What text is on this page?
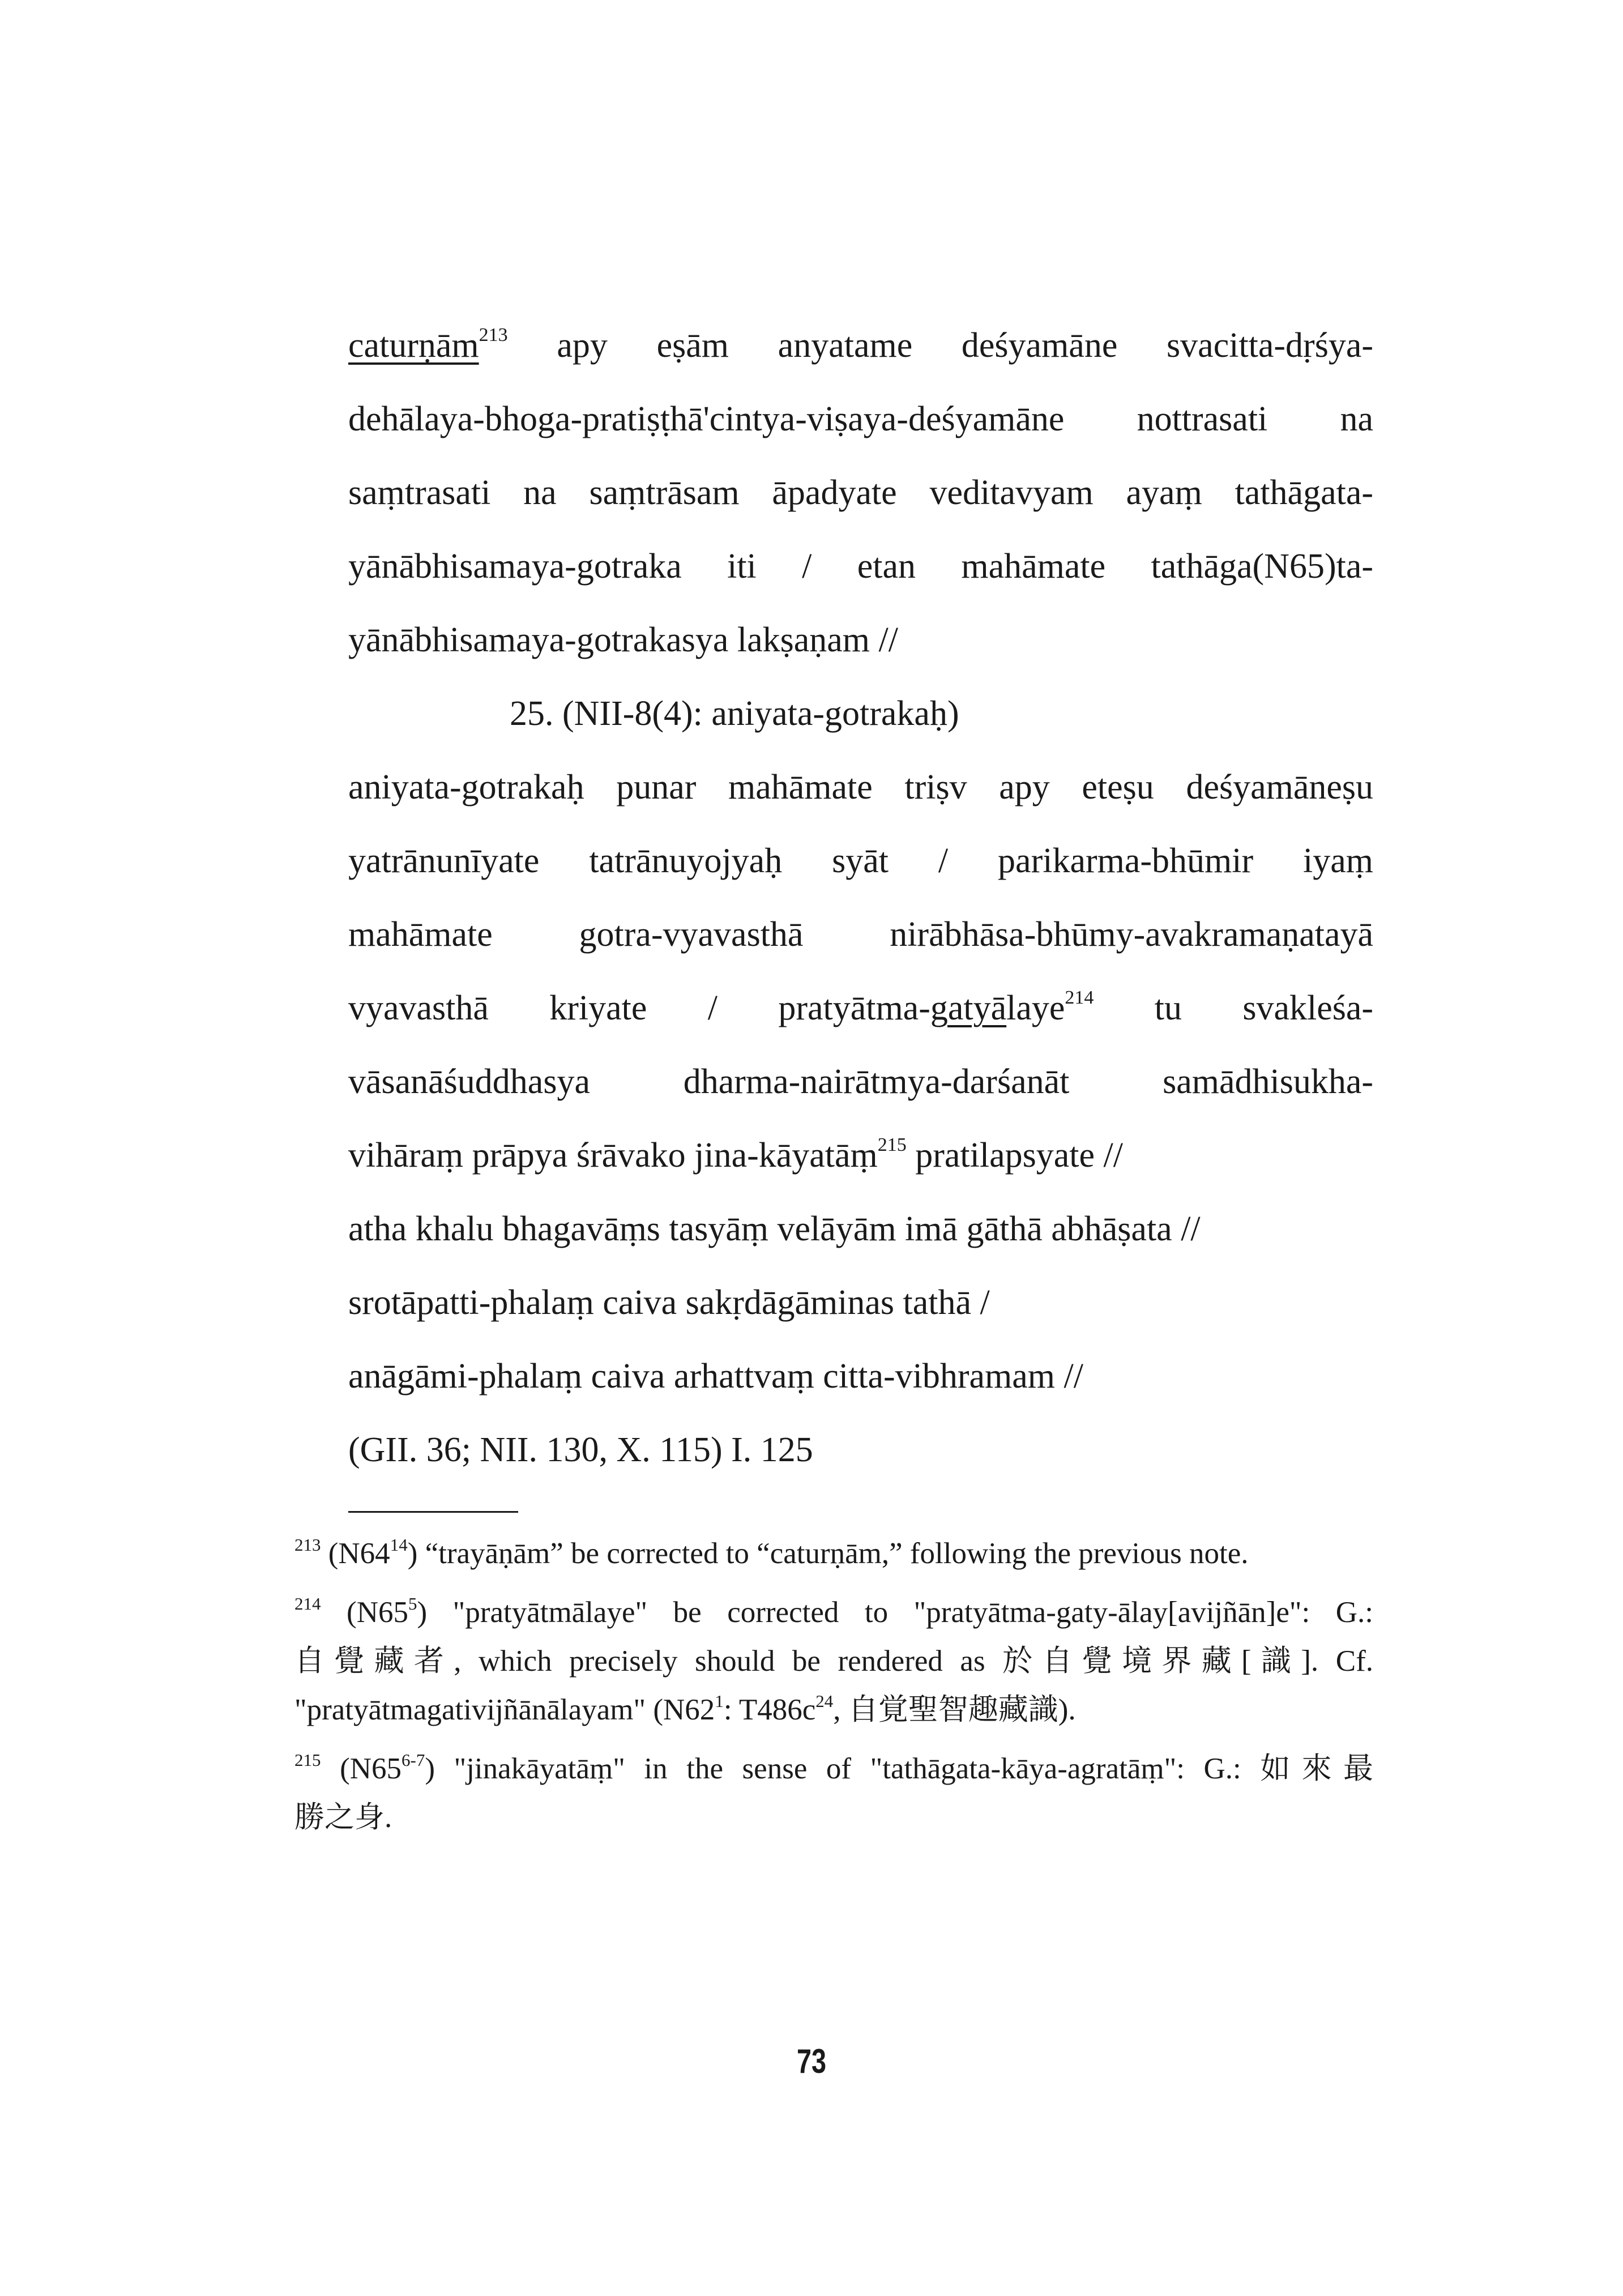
caturṇām$^{213}$ apy eṣām anyatame deśyamāne svacitta-dṛśya-
dehālaya-bhoga-pratiṣṭhā'cintya-viṣaya-deśyamāne nottrasati na
saṃtrasati na saṃtrāsam āpadyate veditavyam ayaṃ tathāgata-
yānābhisamaya-gotraka iti / etan mahāmate tathāga(N65)ta-
yānābhisamaya-gotrakasya lakṣaṇam //
25. (NII-8(4): aniyata-gotrakaḥ)
aniyata-gotrakaḥ punar mahāmate triṣv apy eteṣu deśyamāneṣu
yatrānunīyate tatrānuyojyaḥ syāt / parikarma-bhūmir iyaṃ
mahāmate gotra-vyavasthā nirābhāsa-bhūmy-avakramaṇatayā
vyavasthā kriyate / pratyātma-gatyālaye$^{214}$ tu svakleśa-
vāsanāśuddhasya dharma-nairātmya-darśanāt samādhisukha-
vihāraṃ prāpya śrāvako jina-kāyatāṃ$^{215}$ pratilapsyate //
atha khalu bhagavāṃs tasyāṃ velāyām imā gāthā abhāṣata //
srotāpatti-phalaṃ caiva sakṛdāgāminas tathā /
anāgāmi-phalaṃ caiva arhattvaṃ citta-vibhramam //
(GII. 36; NII. 130, X. 115) I. 125
$^{213}$ $(N64^{14})$ “trayāṇām” be corrected to “caturṇām,” following the previous note.
$^{214}$ $(N65^5)$ "pratyātmālaye" be corrected to "pratyātma-gaty-ālay[avijñān]e": G.:
自覺藏者, which precisely should be rendered as 於自覺境界藏[識]. Cf.
"pratyātmagativijñānālayam" ($N62^1$: $T486c^{24}$, 自覚聖智趣藏識).
$^{215}$ (N65$^{6-7}$) "jinakāyatāṃ" in the sense of "tathāgata-kāya-agratāṃ": G.: 如來最
勝之身.
73
